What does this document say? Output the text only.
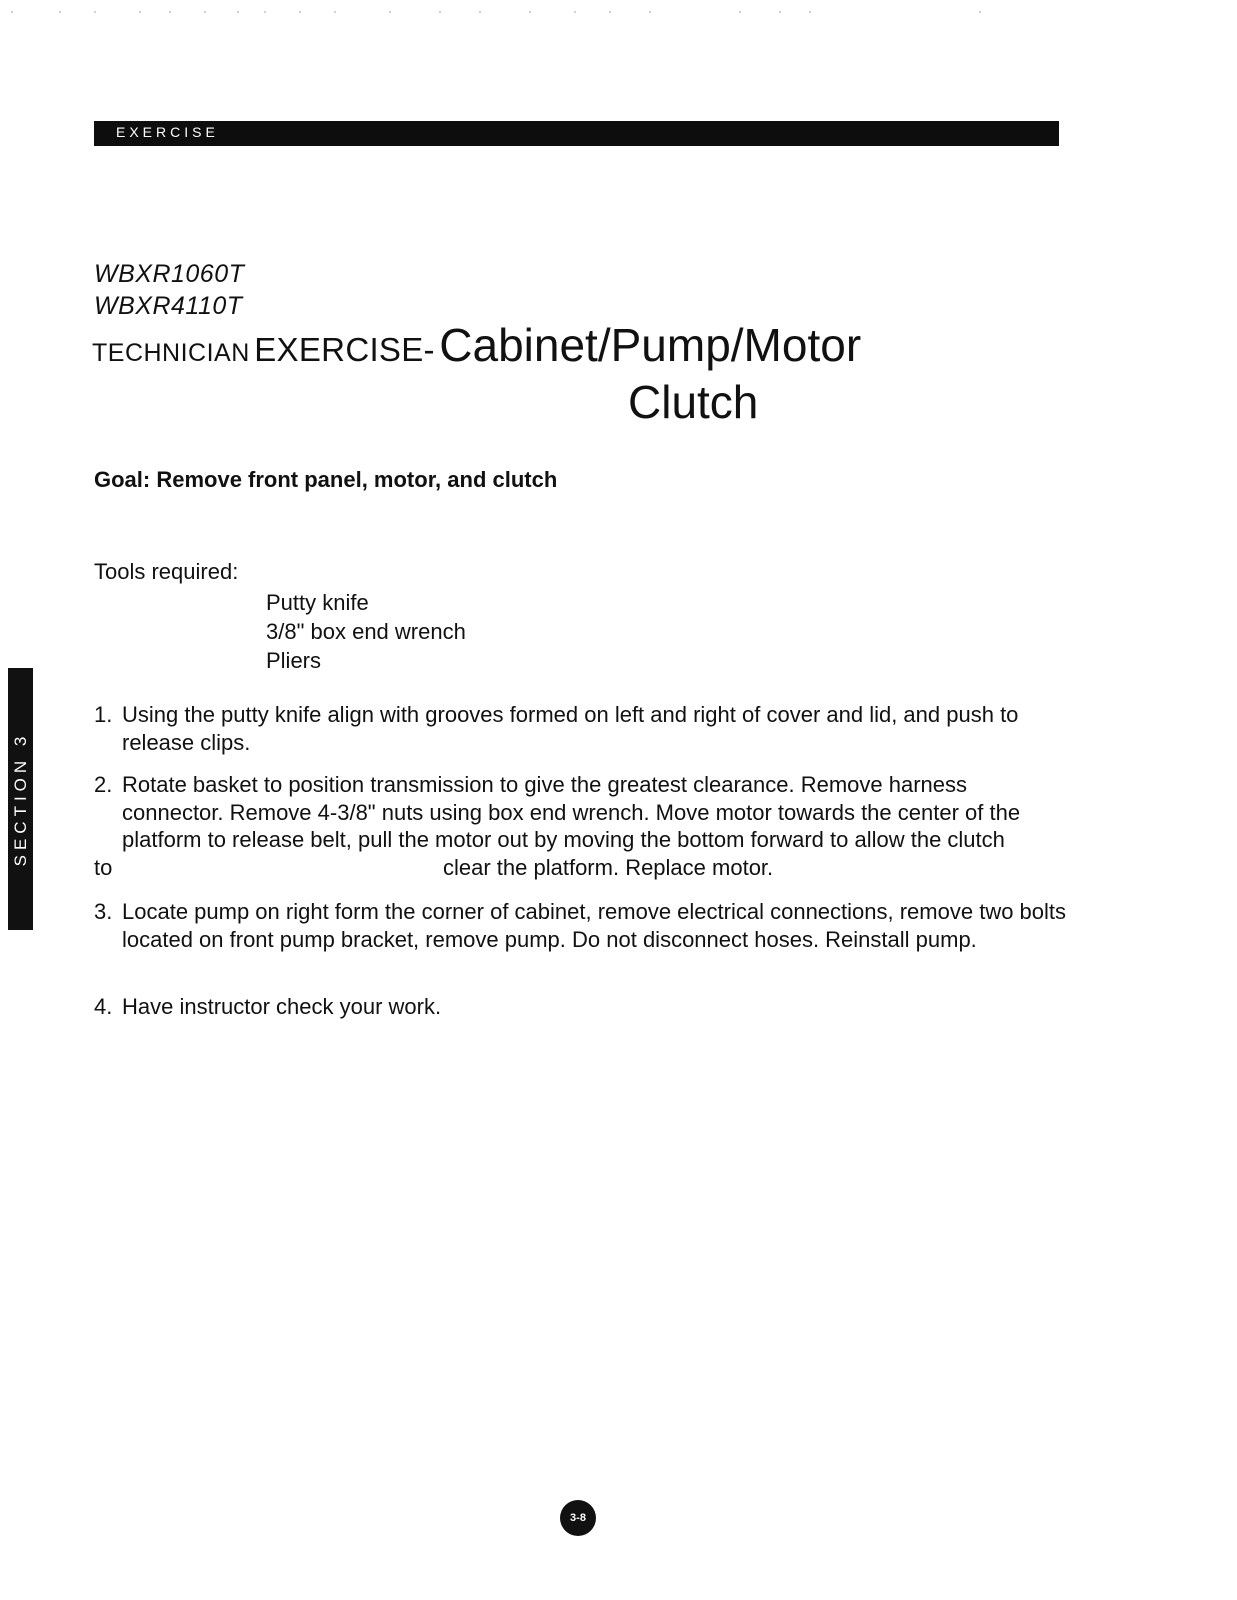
EXERCISE
WBXR1060T
WBXR4110T
TECHNICIAN EXERCISE- Cabinet/Pump/Motor
Clutch
Goal: Remove front panel, motor, and clutch
Tools required:
Putty knife
3/8" box end wrench
Pliers
1. Using the putty knife align with grooves formed on left and right of cover and lid, and push to release clips.
2. Rotate basket to position transmission to give the greatest clearance. Remove harness connector. Remove 4-3/8" nuts using box end wrench. Move motor towards the center of the platform to release belt, pull the motor out by moving the bottom forward to allow the clutch
to	clear the platform. Replace motor.
3. Locate pump on right form the corner of cabinet, remove electrical connections, remove two bolts located on front pump bracket, remove pump. Do not disconnect hoses. Reinstall pump.
4. Have instructor check your work.
SECTION 3
3-8
